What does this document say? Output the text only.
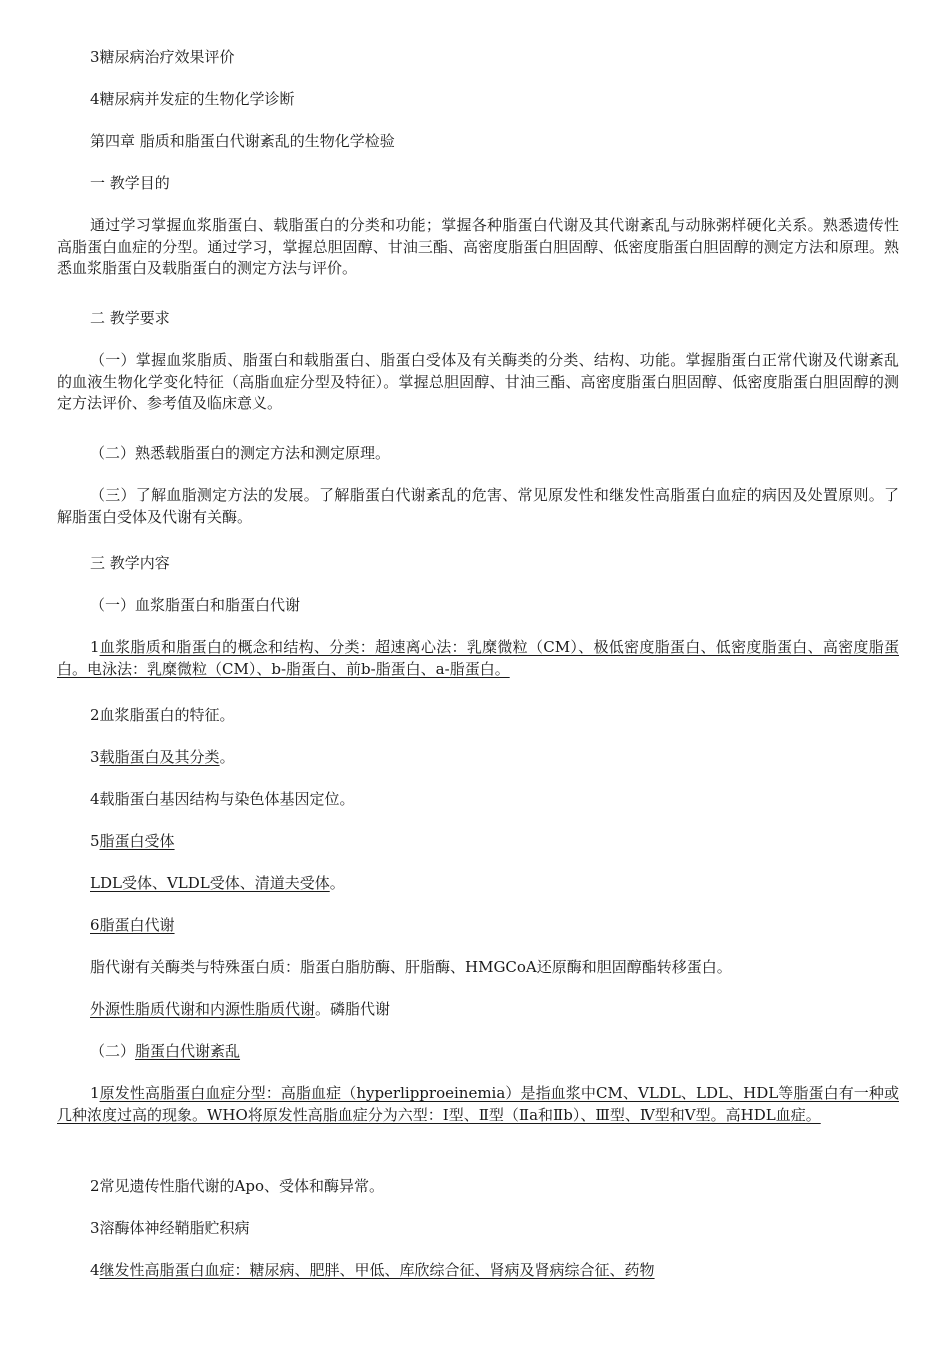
3糖尿病治疗效果评价

4糖尿病并发症的生物化学诊断

第四章 脂质和脂蛋白代谢紊乱的生物化学检验

一 教学目的

通过学习掌握血浆脂蛋白、载脂蛋白的分类和功能；掌握各种脂蛋白代谢及其代谢紊乱与动脉粥样硬化关系。熟悉遗传性高脂蛋白血症的分型。通过学习，掌握总胆固醇、甘油三酯、高密度脂蛋白胆固醇、低密度脂蛋白胆固醇的测定方法和原理。熟悉血浆脂蛋白及载脂蛋白的测定方法与评价。

二 教学要求

（一）掌握血浆脂质、脂蛋白和载脂蛋白、脂蛋白受体及有关酶类的分类、结构、功能。掌握脂蛋白正常代谢及代谢紊乱的血液生物化学变化特征（高脂血症分型及特征）。掌握总胆固醇、甘油三酯、高密度脂蛋白胆固醇、低密度脂蛋白胆固醇的测定方法评价、参考值及临床意义。

（二）熟悉载脂蛋白的测定方法和测定原理。

（三）了解血脂测定方法的发展。了解脂蛋白代谢紊乱的危害、常见原发性和继发性高脂蛋白血症的病因及处置原则。了解脂蛋白受体及代谢有关酶。

三 教学内容

（一）血浆脂蛋白和脂蛋白代谢

1血浆脂质和脂蛋白的概念和结构、分类：超速离心法：乳糜微粒（CM）、极低密度脂蛋白、低密度脂蛋白、高密度脂蛋白。电泳法：乳糜微粒（CM）、b-脂蛋白、前b-脂蛋白、a-脂蛋白。

2血浆脂蛋白的特征。

3载脂蛋白及其分类。

4载脂蛋白基因结构与染色体基因定位。

5脂蛋白受体

LDL受体、VLDL受体、清道夫受体。

6脂蛋白代谢

脂代谢有关酶类与特殊蛋白质：脂蛋白脂肪酶、肝脂酶、HMGCoA还原酶和胆固醇酯转移蛋白。

外源性脂质代谢和内源性脂质代谢。磷脂代谢

（二）脂蛋白代谢紊乱

1原发性高脂蛋白血症分型：高脂血症（hyperlipproeinemia）是指血浆中CM、VLDL、LDL、HDL等脂蛋白有一种或几种浓度过高的现象。WHO将原发性高脂血症分为六型：Ⅰ型、Ⅱ型（Ⅱa和Ⅱb）、Ⅲ型、Ⅳ型和Ⅴ型。高HDL血症。

2常见遗传性脂代谢的Apo、受体和酶异常。

3溶酶体神经鞘脂贮积病

4继发性高脂蛋白血症：糖尿病、肥胖、甲低、库欣综合征、肾病及肾病综合征、药物
